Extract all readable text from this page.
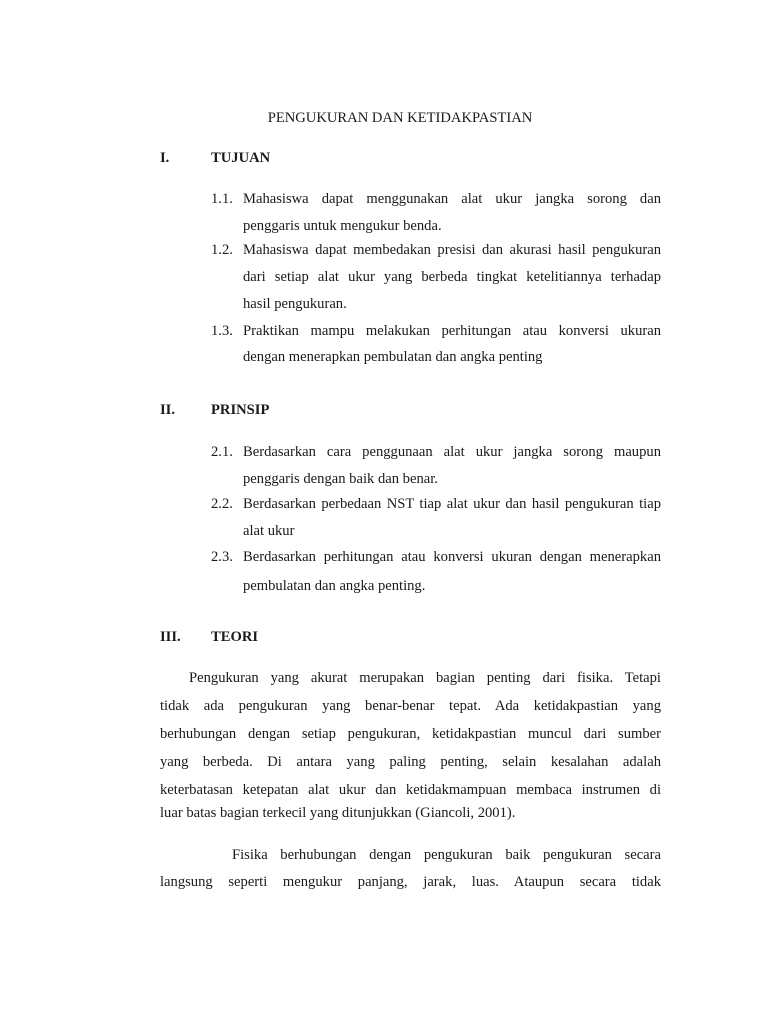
PENGUKURAN DAN KETIDAKPASTIAN
I.	TUJUAN
1.1. Mahasiswa dapat menggunakan alat ukur jangka sorong dan
penggaris untuk mengukur benda.
1.2. Mahasiswa dapat membedakan presisi dan akurasi hasil pengukuran
dari setiap alat ukur yang berbeda tingkat ketelitiannya terhadap
hasil pengukuran.
1.3. Praktikan mampu melakukan perhitungan atau konversi ukuran
dengan menerapkan pembulatan dan angka penting
II. PRINSIP
2.1. Berdasarkan cara penggunaan alat ukur jangka sorong maupun
penggaris dengan baik dan benar.
2.2. Berdasarkan perbedaan NST tiap alat ukur dan hasil pengukuran tiap
alat ukur
2.3. Berdasarkan perhitungan atau konversi ukuran dengan menerapkan
pembulatan dan angka penting.
III. TEORI
Pengukuran yang akurat merupakan bagian penting dari fisika. Tetapi
tidak ada pengukuran yang benar-benar tepat. Ada ketidakpastian yang
berhubungan dengan setiap pengukuran, ketidakpastian muncul dari sumber
yang berbeda. Di antara yang paling penting, selain kesalahan adalah
keterbatasan ketepatan alat ukur dan ketidakmampuan membaca instrumen di
luar batas bagian terkecil yang ditunjukkan (Giancoli, 2001).
Fisika berhubungan dengan pengukuran baik pengukuran secara
langsung seperti mengukur panjang, jarak, luas. Ataupun secara tidak
